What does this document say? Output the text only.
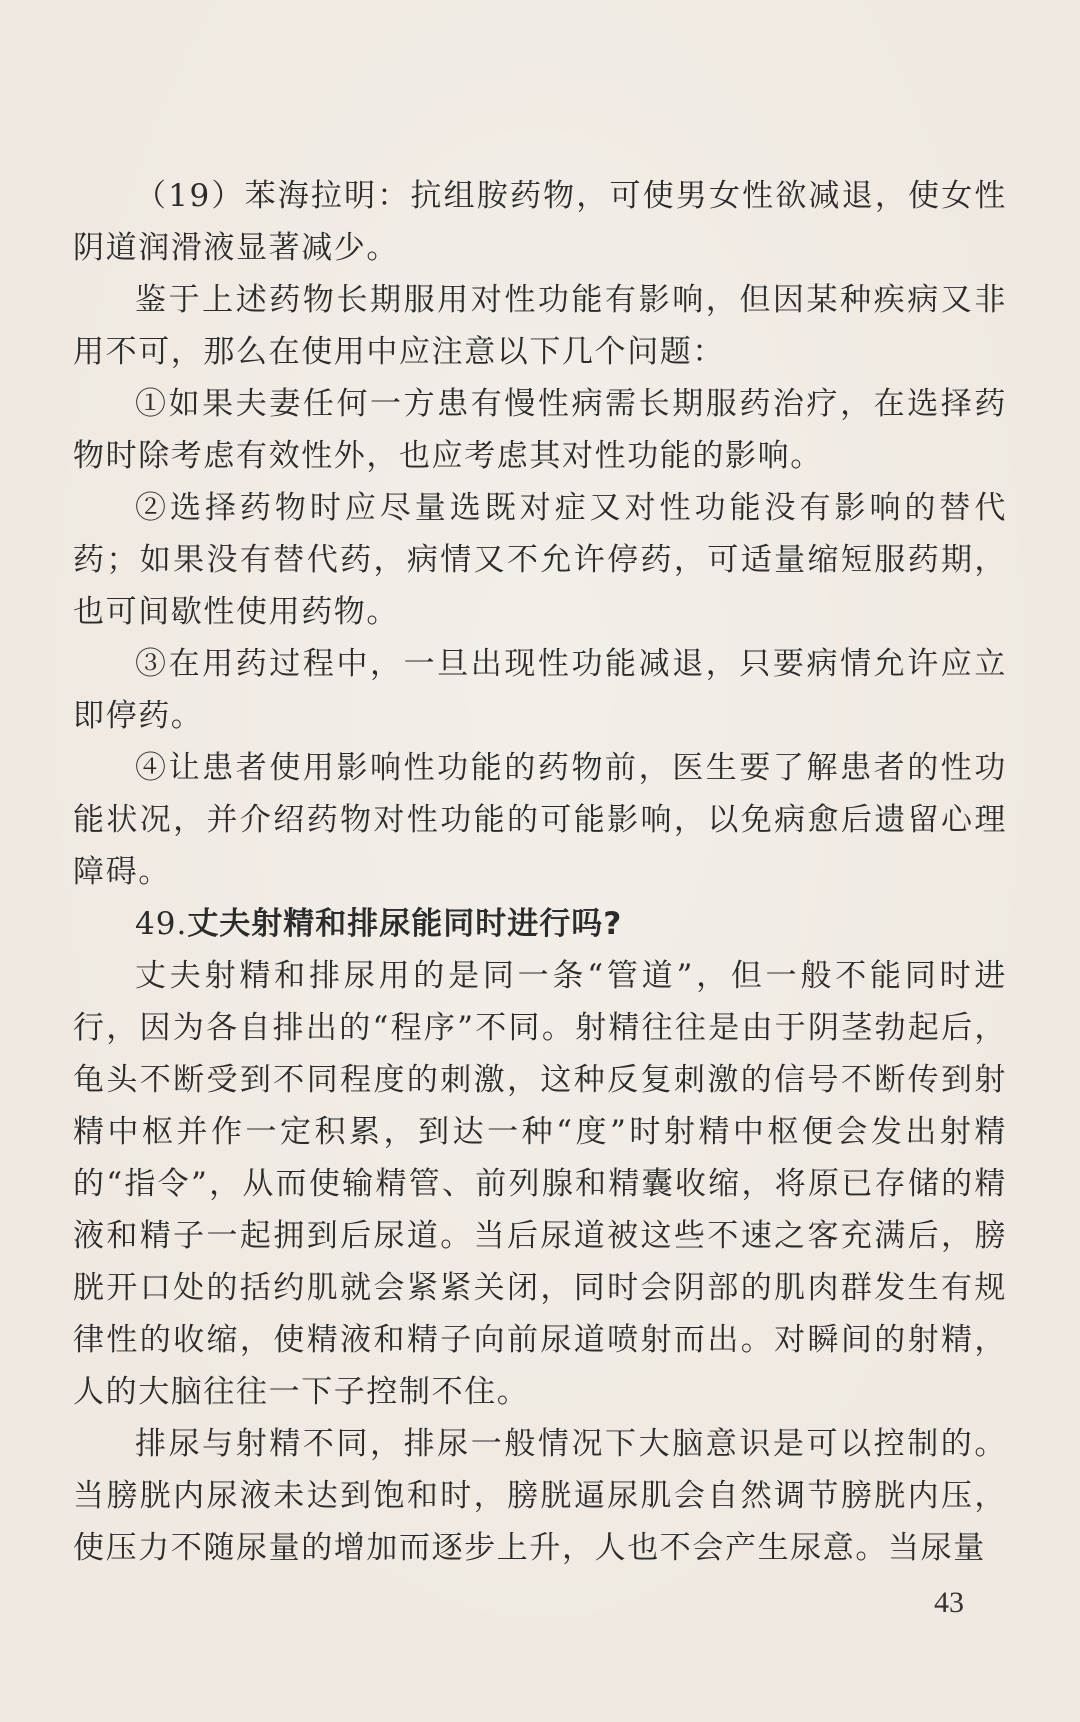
（19）苯海拉明：抗组胺药物，可使男女性欲减退，使女性阴道润滑液显著减少。

鉴于上述药物长期服用对性功能有影响，但因某种疾病又非用不可，那么在使用中应注意以下几个问题：

①如果夫妻任何一方患有慢性病需长期服药治疗，在选择药物时除考虑有效性外，也应考虑其对性功能的影响。

②选择药物时应尽量选既对症又对性功能没有影响的替代药；如果没有替代药，病情又不允许停药，可适量缩短服药期，也可间歇性使用药物。

③在用药过程中，一旦出现性功能减退，只要病情允许应立即停药。

④让患者使用影响性功能的药物前，医生要了解患者的性功能状况，并介绍药物对性功能的可能影响，以免病愈后遗留心理障碍。

49.丈夫射精和排尿能同时进行吗?

丈夫射精和排尿用的是同一条“管道”，但一般不能同时进行，因为各自排出的“程序”不同。射精往往是由于阴茎勃起后，龟头不断受到不同程度的刺激，这种反复刺激的信号不断传到射精中枢并作一定积累，到达一种“度”时射精中枢便会发出射精的“指令”，从而使输精管、前列腺和精囊收缩，将原已存储的精液和精子一起拥到后尿道。当后尿道被这些不速之客充满后，膀胱开口处的括约肌就会紧紧关闭，同时会阴部的肌肉群发生有规律性的收缩，使精液和精子向前尿道喷射而出。对瞬间的射精，人的大脑往往一下子控制不住。

排尿与射精不同，排尿一般情况下大脑意识是可以控制的。当膀胱内尿液未达到饱和时，膀胱逼尿肌会自然调节膀胱内压，使压力不随尿量的增加而逐步上升，人也不会产生尿意。当尿量

43
